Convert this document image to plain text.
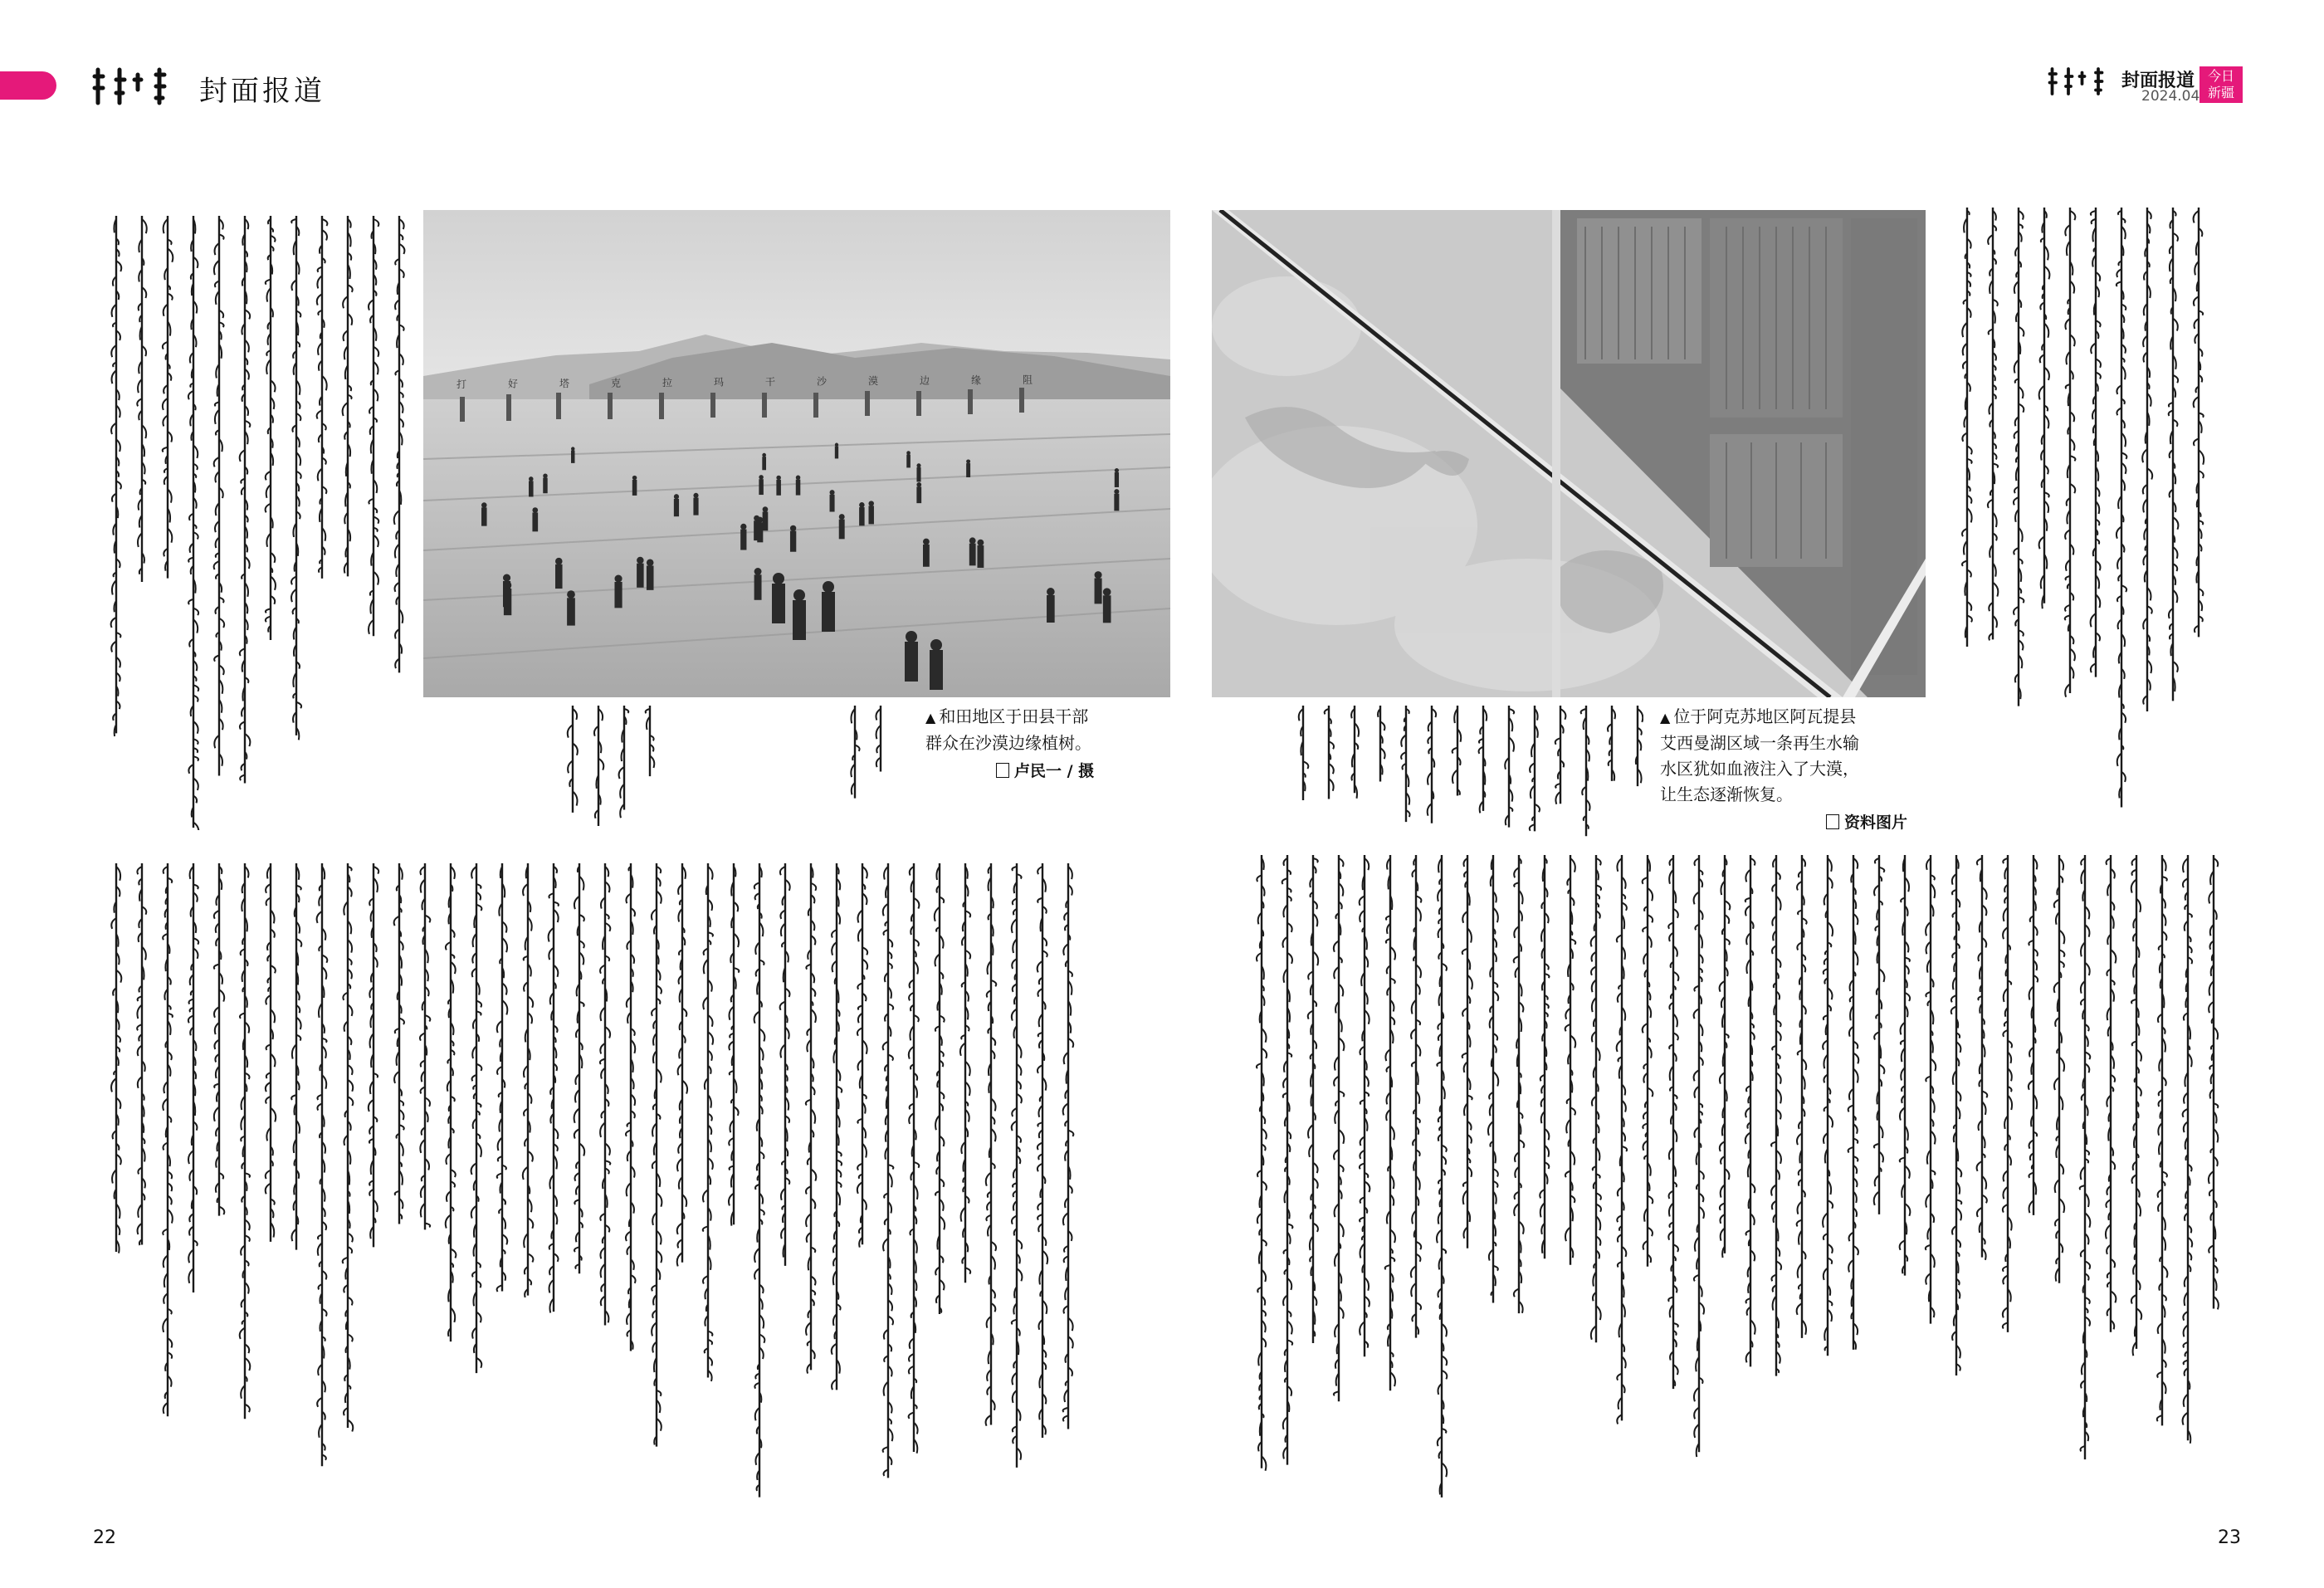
封面报道
打	好	塔	克	拉	玛	干	沙	漠	边	缘	阻
▲ 和田地区于田县干部
群众在沙漠边缘植树。
卢民一 / 摄
22
封面报道
2024.04
今日
新疆
▲ 位于阿克苏地区阿瓦提县
艾西曼湖区域一条再生水输
水区犹如血液注入了大漠，
让生态逐渐恢复。
资料图片
23
